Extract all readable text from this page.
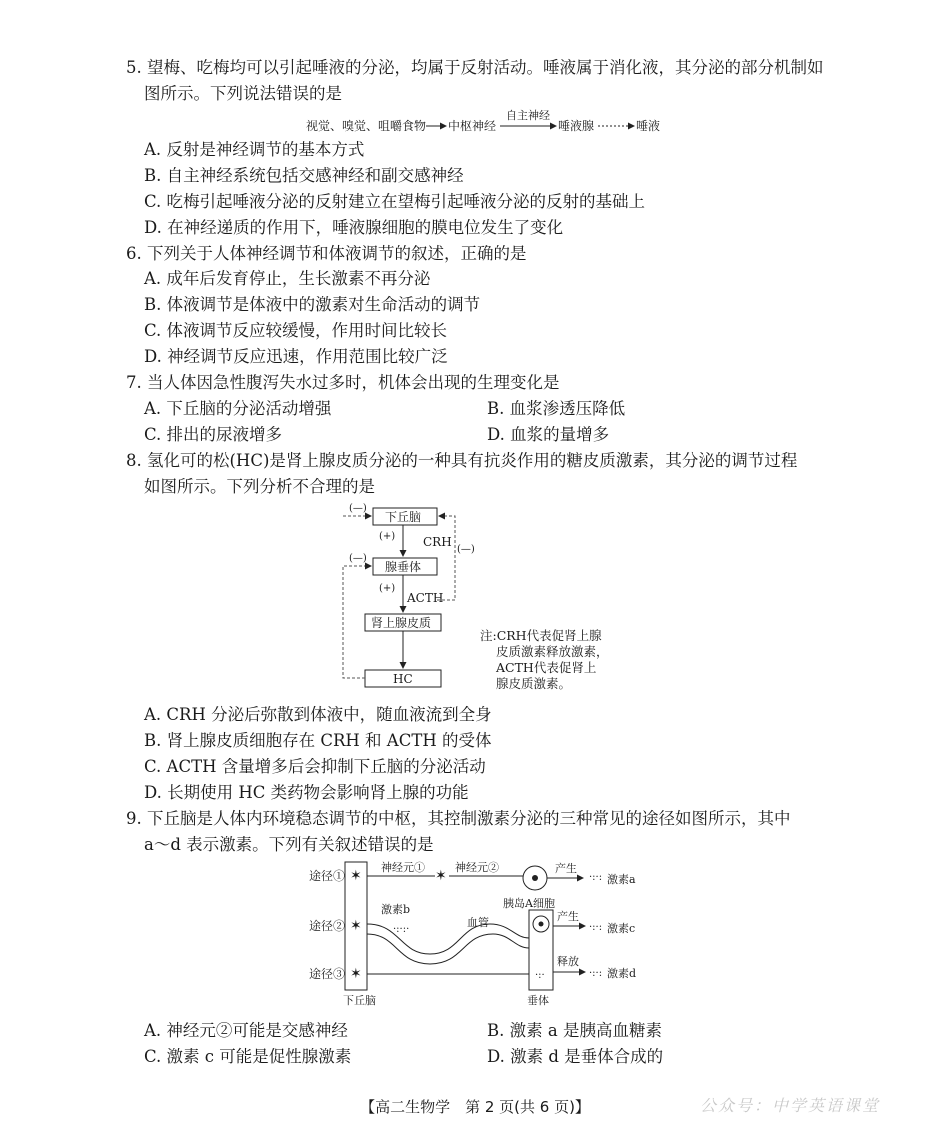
5. 望梅、吃梅均可以引起唾液的分泌，均属于反射活动。唾液属于消化液，其分泌的部分机制如
图所示。下列说法错误的是
视觉、嗅觉、咀嚼食物 中枢神经
自主神经
唾液腺	唾液
A. 反射是神经调节的基本方式
B. 自主神经系统包括交感神经和副交感神经
C. 吃梅引起唾液分泌的反射建立在望梅引起唾液分泌的反射的基础上
D. 在神经递质的作用下，唾液腺细胞的膜电位发生了变化
6. 下列关于人体神经调节和体液调节的叙述，正确的是
A. 成年后发育停止，生长激素不再分泌
B. 体液调节是体液中的激素对生命活动的调节
C. 体液调节反应较缓慢，作用时间比较长
D. 神经调节反应迅速，作用范围比较广泛
7. 当人体因急性腹泻失水过多时，机体会出现的生理变化是
A. 下丘脑的分泌活动增强	B. 血浆渗透压降低
C. 排出的尿液增多	D. 血浆的量增多
8. 氢化可的松(HC)是肾上腺皮质分泌的一种具有抗炎作用的糖皮质激素，其分泌的调节过程
如图所示。下列分析不合理的是
下丘脑
腺垂体
肾上腺皮质
HC
(+) CRH
(+)
ACTH
(—)
(—)
(—)
注:CRH代表促肾上腺
皮质激素释放激素，
ACTH代表促肾上
腺皮质激素。
A. CRH 分泌后弥散到体液中，随血液流到全身
B. 肾上腺皮质细胞存在 CRH 和 ACTH 的受体
C. ACTH 含量增多后会抑制下丘脑的分泌活动
D. 长期使用 HC 类药物会影响肾上腺的功能
9. 下丘脑是人体内环境稳态调节的中枢，其控制激素分泌的三种常见的途径如图所示，其中
a～d 表示激素。下列有关叙述错误的是
下丘脑
途径①
途径②
途径③
✶
✶
✶
✶
神经元①	神经元②	产生
·:·: 激素a
胰岛A细胞
垂体
激素b
·:·:·
血管	产生
·:·: 激素c
·:·
释放
·:·: 激素d
A. 神经元②可能是交感神经	B. 激素 a 是胰高血糖素
C. 激素 c 可能是促性腺激素	D. 激素 d 是垂体合成的
【高二生物学　第 2 页(共 6 页)】	公众号：中学英语课堂
